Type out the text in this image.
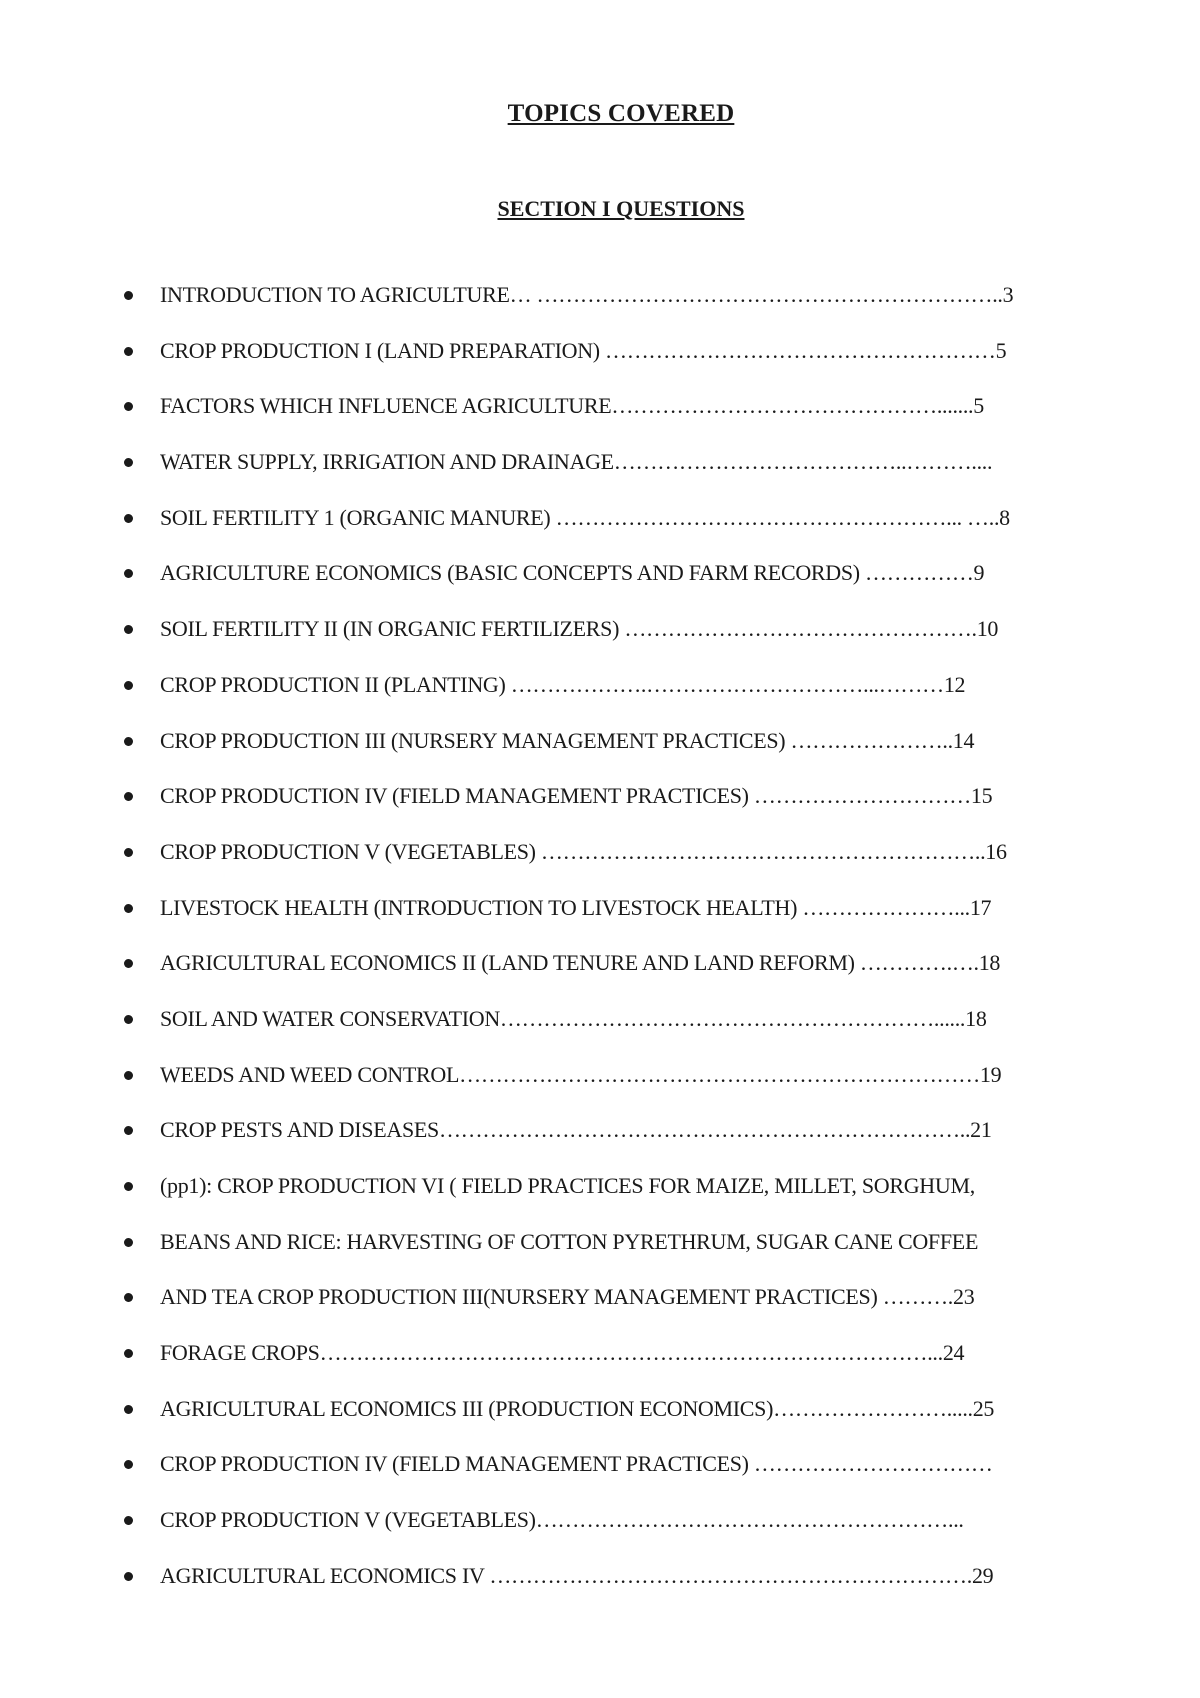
TOPICS COVERED
SECTION I QUESTIONS
INTRODUCTION TO AGRICULTURE… ………………………………………………………..3
CROP PRODUCTION I (LAND PREPARATION) ………………………………………………5
FACTORS WHICH INFLUENCE AGRICULTURE……………………………………….......5
WATER SUPPLY, IRRIGATION AND DRAINAGE…………………………………..………....
SOIL FERTILITY 1 (ORGANIC MANURE) ………………………………………………... …..8
AGRICULTURE ECONOMICS (BASIC CONCEPTS AND FARM RECORDS) ……………9
SOIL FERTILITY II (IN ORGANIC FERTILIZERS) ………………………………………….10
CROP PRODUCTION II (PLANTING) ……………….…………………………...………12
CROP PRODUCTION III (NURSERY MANAGEMENT PRACTICES) …………………..14
CROP PRODUCTION IV (FIELD MANAGEMENT PRACTICES) …………………………15
CROP PRODUCTION V (VEGETABLES) ……………………………………………………..16
LIVESTOCK HEALTH (INTRODUCTION TO LIVESTOCK HEALTH) …………………...17
AGRICULTURAL ECONOMICS II (LAND TENURE AND LAND REFORM) ………….….18
SOIL AND WATER CONSERVATION……………………………………………………......18
WEEDS AND WEED CONTROL………………………………………………………………19
CROP PESTS AND DISEASES………………………………………………………………..21
(pp1): CROP PRODUCTION VI ( FIELD PRACTICES FOR MAIZE, MILLET, SORGHUM,
BEANS AND RICE: HARVESTING OF COTTON PYRETHRUM, SUGAR CANE COFFEE
AND TEA CROP PRODUCTION III(NURSERY MANAGEMENT PRACTICES) ……….23
FORAGE CROPS…………………………………………………………………………...24
AGRICULTURAL ECONOMICS III (PRODUCTION ECONOMICS)…………………….....25
CROP PRODUCTION IV (FIELD MANAGEMENT PRACTICES) ……………………………
CROP PRODUCTION V (VEGETABLES)…………………………………………………...
AGRICULTURAL ECONOMICS IV ………………………………………………………….29
